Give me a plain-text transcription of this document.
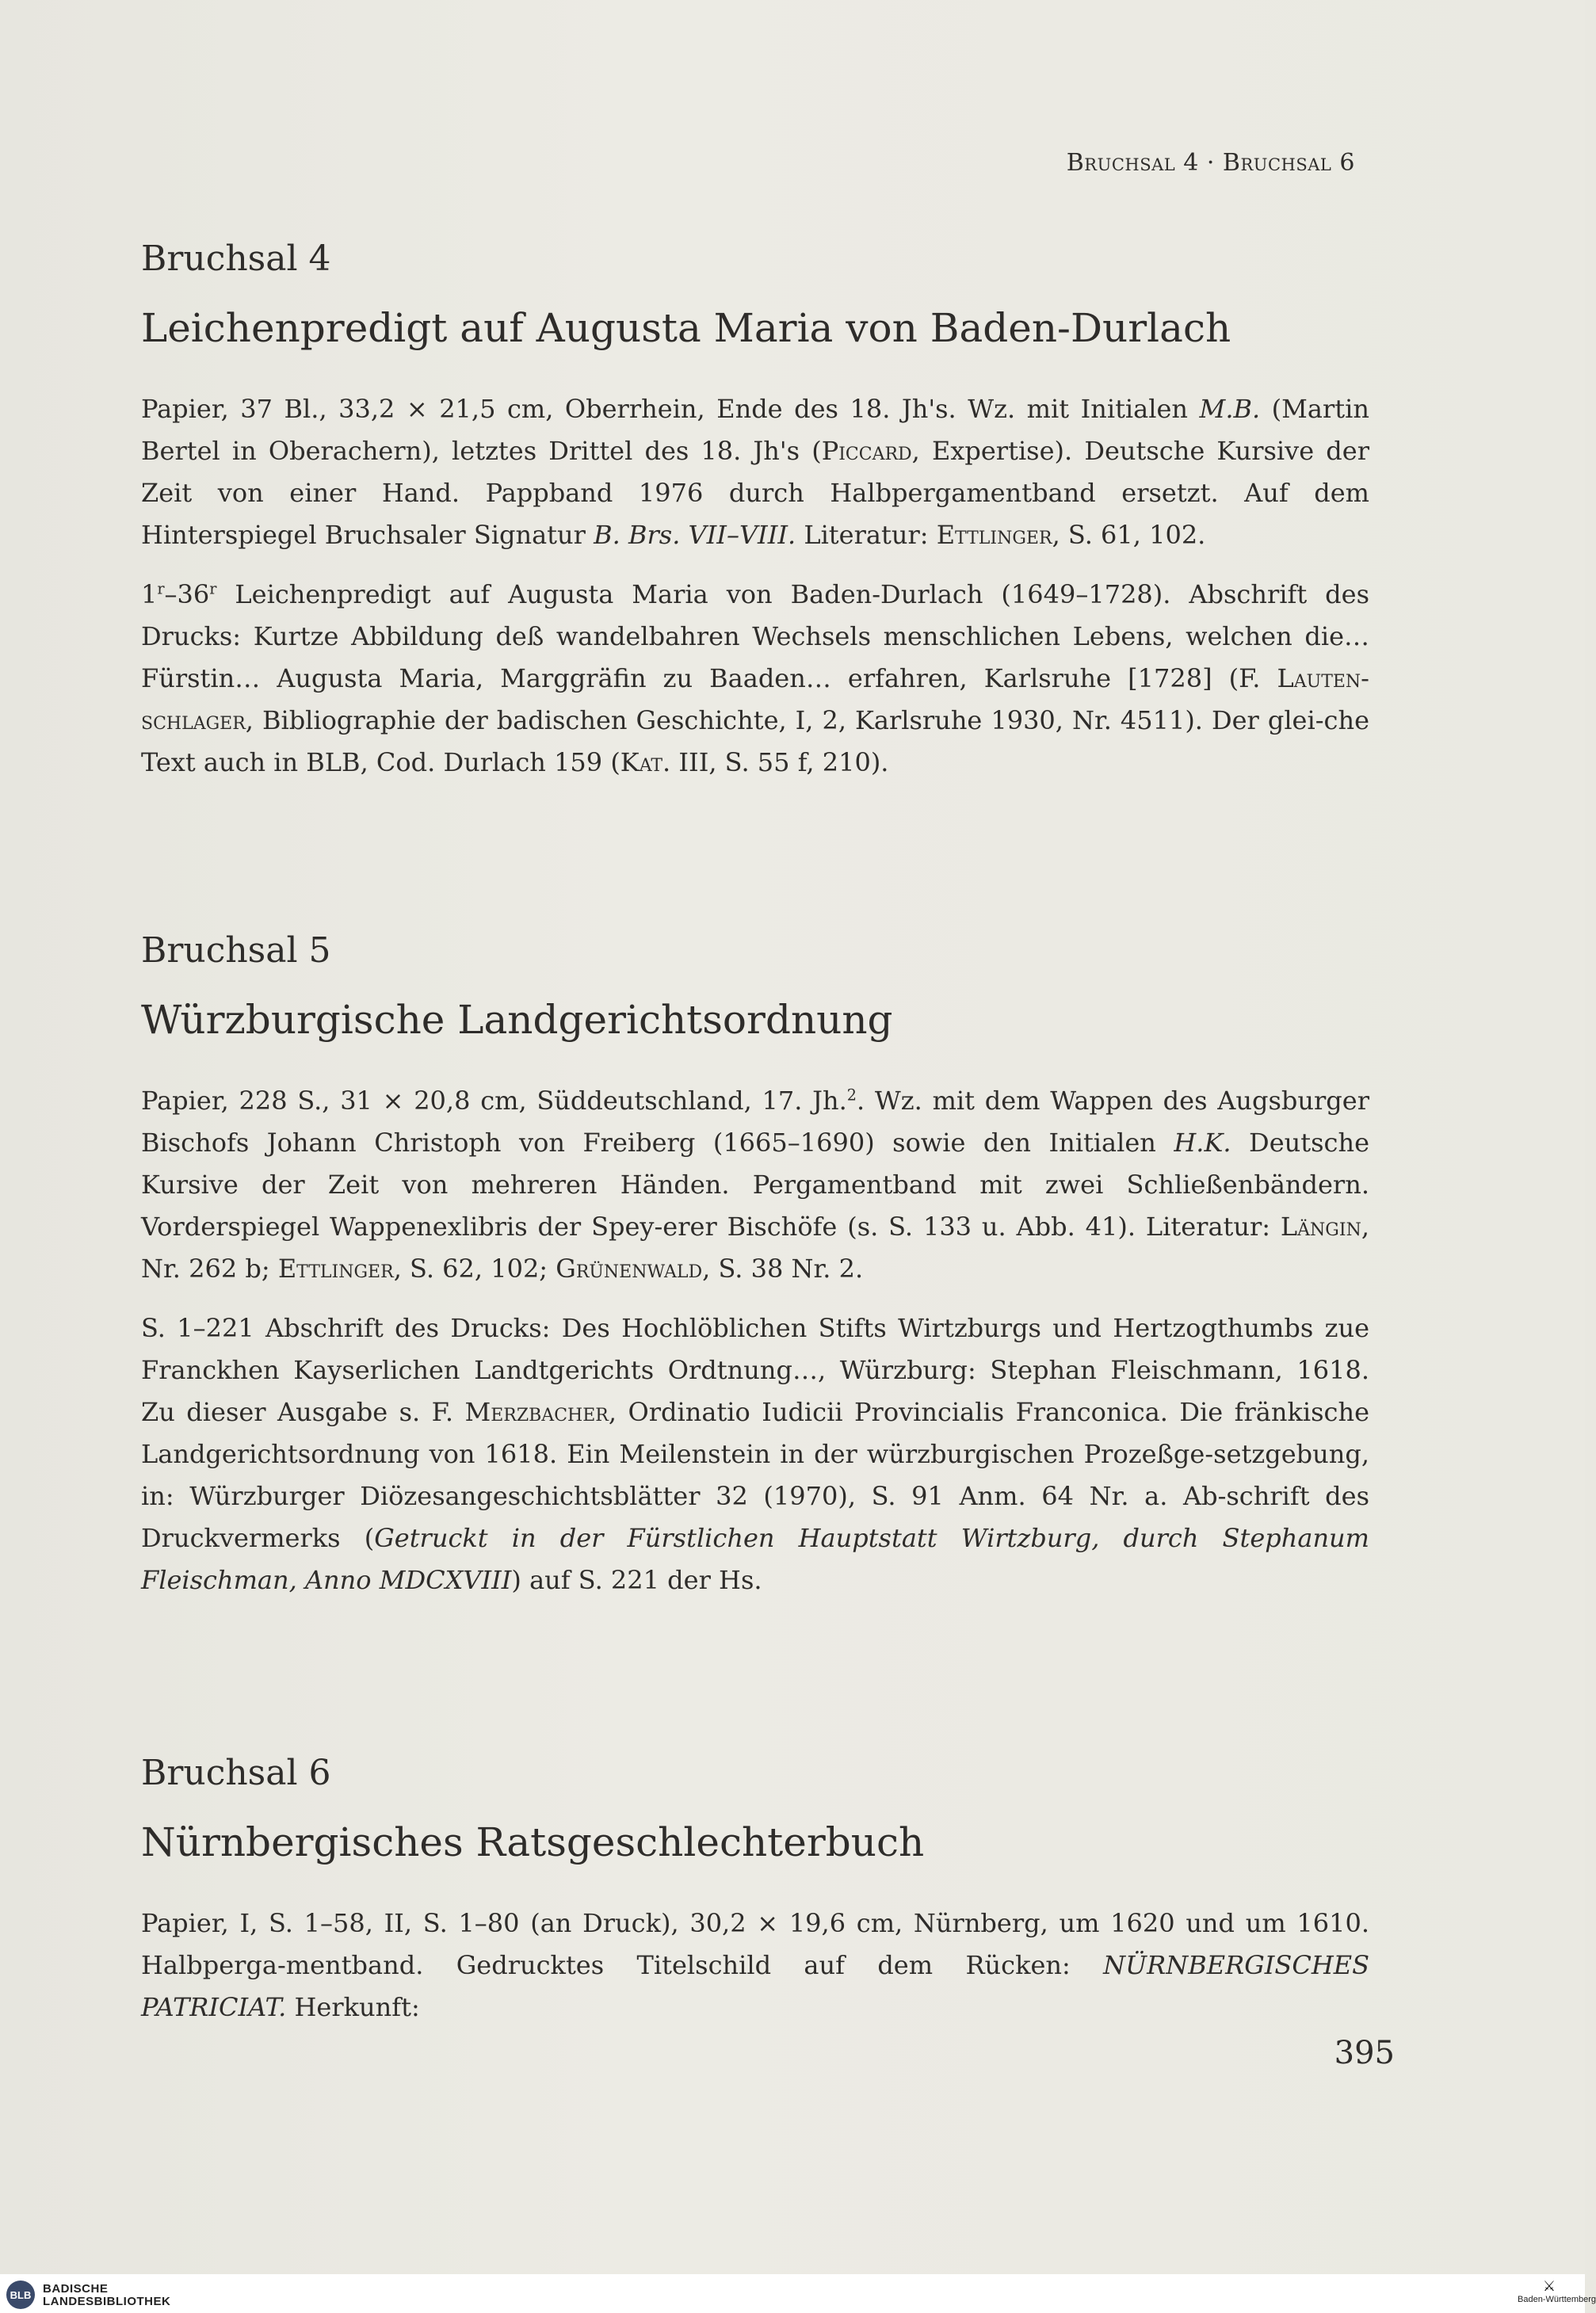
Bruchsal 4 · Bruchsal 6
Bruchsal 4
Leichenpredigt auf Augusta Maria von Baden-Durlach

Papier, 37 Bl., 33,2 × 21,5 cm, Oberrhein, Ende des 18. Jh's. Wz. mit Initialen M.B. (Martin Bertel in Oberachern), letztes Drittel des 18. Jh's (Piccard, Expertise). Deutsche Kursive der Zeit von einer Hand. Pappband 1976 durch Halbpergamentband ersetzt. Auf dem Hinterspiegel Bruchsaler Signatur B. Brs. VII–VIII. Literatur: Ettlinger, S. 61, 102.

1$^r$–36$^r$ Leichenpredigt auf Augusta Maria von Baden-Durlach (1649–1728). Abschrift des Drucks: Kurtze Abbildung deß wandelbahren Wechsels menschlichen Lebens, welchen die… Fürstin… Augusta Maria, Marggräfin zu Baaden… erfahren, Karlsruhe [1728] (F. Lauten-schlager, Bibliographie der badischen Geschichte, I, 2, Karlsruhe 1930, Nr. 4511). Der glei-che Text auch in BLB, Cod. Durlach 159 (Kat. III, S. 55 f, 210).

Bruchsal 5
Würzburgische Landgerichtsordnung

Papier, 228 S., 31 × 20,8 cm, Süddeutschland, 17. Jh.$^2$. Wz. mit dem Wappen des Augsburger Bischofs Johann Christoph von Freiberg (1665–1690) sowie den Initialen H.K. Deutsche Kursive der Zeit von mehreren Händen. Pergamentband mit zwei Schließenbändern. Vorderspiegel Wappenexlibris der Spey-erer Bischöfe (s. S. 133 u. Abb. 41). Literatur: Längin, Nr. 262 b; Ettlinger, S. 62, 102; Grünenwald, S. 38 Nr. 2.

S. 1–221 Abschrift des Drucks: Des Hochlöblichen Stifts Wirtzburgs und Hertzogthumbs zue Franckhen Kayserlichen Landtgerichts Ordtnung…, Würzburg: Stephan Fleischmann, 1618. Zu dieser Ausgabe s. F. Merzbacher, Ordinatio Iudicii Provincialis Franconica. Die fränkische Landgerichtsordnung von 1618. Ein Meilenstein in der würzburgischen Prozeßge-setzgebung, in: Würzburger Diözesangeschichtsblätter 32 (1970), S. 91 Anm. 64 Nr. a. Ab-schrift des Druckvermerks (Getruckt in der Fürstlichen Hauptstatt Wirtzburg, durch Stephanum Fleischman, Anno MDCXVIII) auf S. 221 der Hs.

Bruchsal 6
Nürnbergisches Ratsgeschlechterbuch

Papier, I, S. 1–58, II, S. 1–80 (an Druck), 30,2 × 19,6 cm, Nürnberg, um 1620 und um 1610. Halbperga-mentband. Gedrucktes Titelschild auf dem Rücken: NÜRNBERGISCHES PATRICIAT. Herkunft:

395
BLB BADISCHE
LANDESBIBLIOTHEK
⚔
Baden-Württemberg
